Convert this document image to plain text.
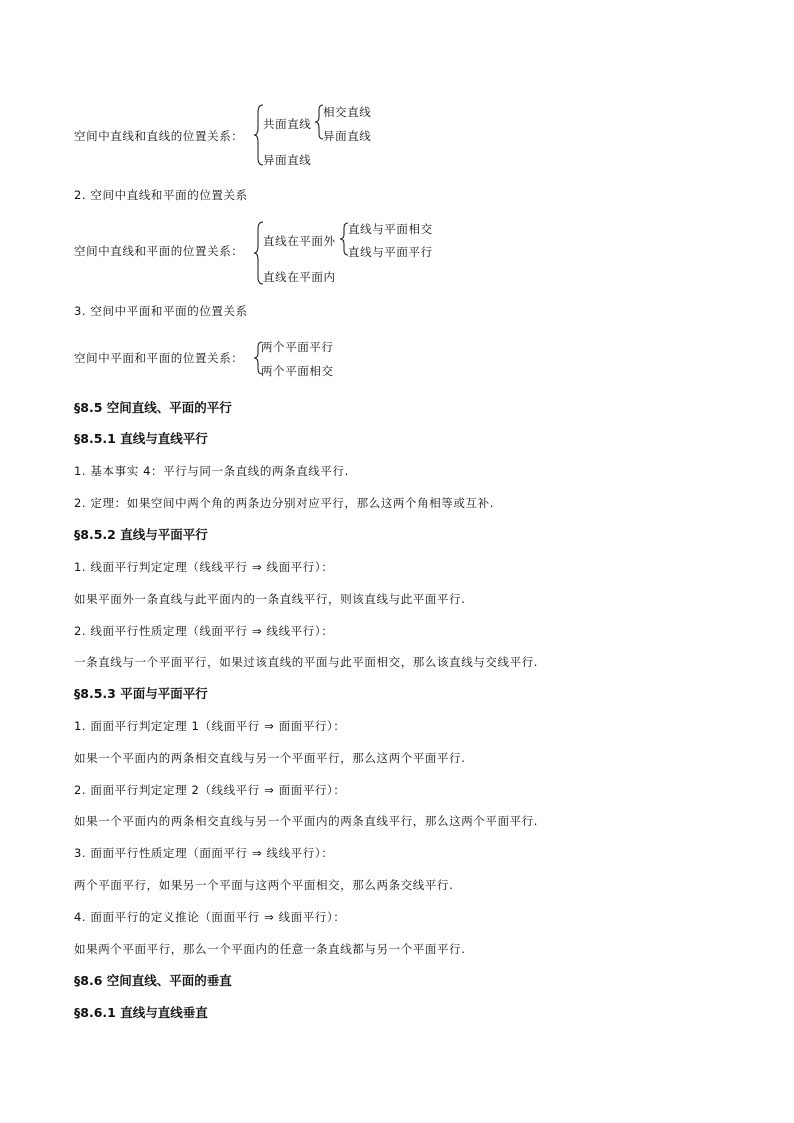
空间中直线和直线的位置关系：
共面直线
相交直线
异面直线
异面直线
2. 空间中直线和平面的位置关系
空间中直线和平面的位置关系：
直线在平面外
直线与平面相交
直线与平面平行
直线在平面内
3. 空间中平面和平面的位置关系
空间中平面和平面的位置关系：
两个平面平行
两个平面相交
§8.5 空间直线、平面的平行
§8.5.1 直线与直线平行
1. 基本事实 4：平行与同一条直线的两条直线平行.
2. 定理：如果空间中两个角的两条边分别对应平行，那么这两个角相等或互补.
§8.5.2 直线与平面平行
1. 线面平行判定定理（线线平行 ⇒ 线面平行）：
如果平面外一条直线与此平面内的一条直线平行，则该直线与此平面平行.
2. 线面平行性质定理（线面平行 ⇒ 线线平行）：
一条直线与一个平面平行，如果过该直线的平面与此平面相交，那么该直线与交线平行.
§8.5.3 平面与平面平行
1. 面面平行判定定理 1（线面平行 ⇒ 面面平行）：
如果一个平面内的两条相交直线与另一个平面平行，那么这两个平面平行.
2. 面面平行判定定理 2（线线平行 ⇒ 面面平行）：
如果一个平面内的两条相交直线与另一个平面内的两条直线平行，那么这两个平面平行.
3. 面面平行性质定理（面面平行 ⇒ 线线平行）：
两个平面平行，如果另一个平面与这两个平面相交，那么两条交线平行.
4. 面面平行的定义推论（面面平行 ⇒ 线面平行）：
如果两个平面平行，那么一个平面内的任意一条直线都与另一个平面平行.
§8.6 空间直线、平面的垂直
§8.6.1 直线与直线垂直
